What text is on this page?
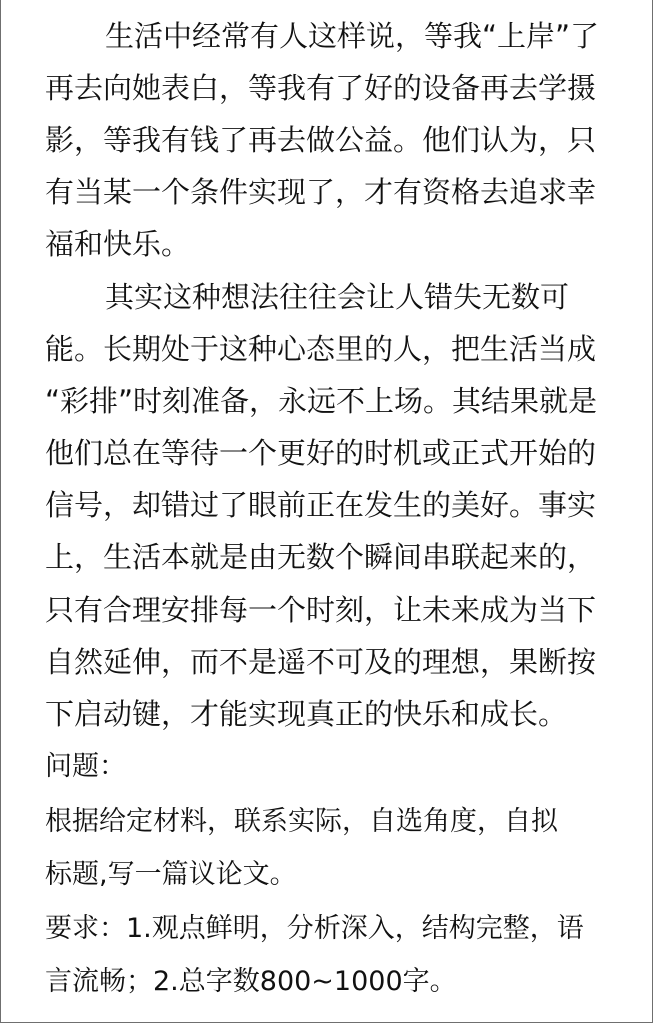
生活中经常有人这样说，等我“上岸”了
再去向她表白，等我有了好的设备再去学摄
影，等我有钱了再去做公益。他们认为，只
有当某一个条件实现了，才有资格去追求幸
福和快乐。
其实这种想法往往会让人错失无数可
能。长期处于这种心态里的人，把生活当成
“彩排”时刻准备，永远不上场。其结果就是
他们总在等待一个更好的时机或正式开始的
信号，却错过了眼前正在发生的美好。事实
上，生活本就是由无数个瞬间串联起来的，
只有合理安排每一个时刻，让未来成为当下
自然延伸，而不是遥不可及的理想，果断按
下启动键，才能实现真正的快乐和成长。
问题：
根据给定材料，联系实际，自选角度，自拟
标题,写一篇议论文。
要求：1.观点鲜明，分析深入，结构完整，语
言流畅；2.总字数800~1000字。
